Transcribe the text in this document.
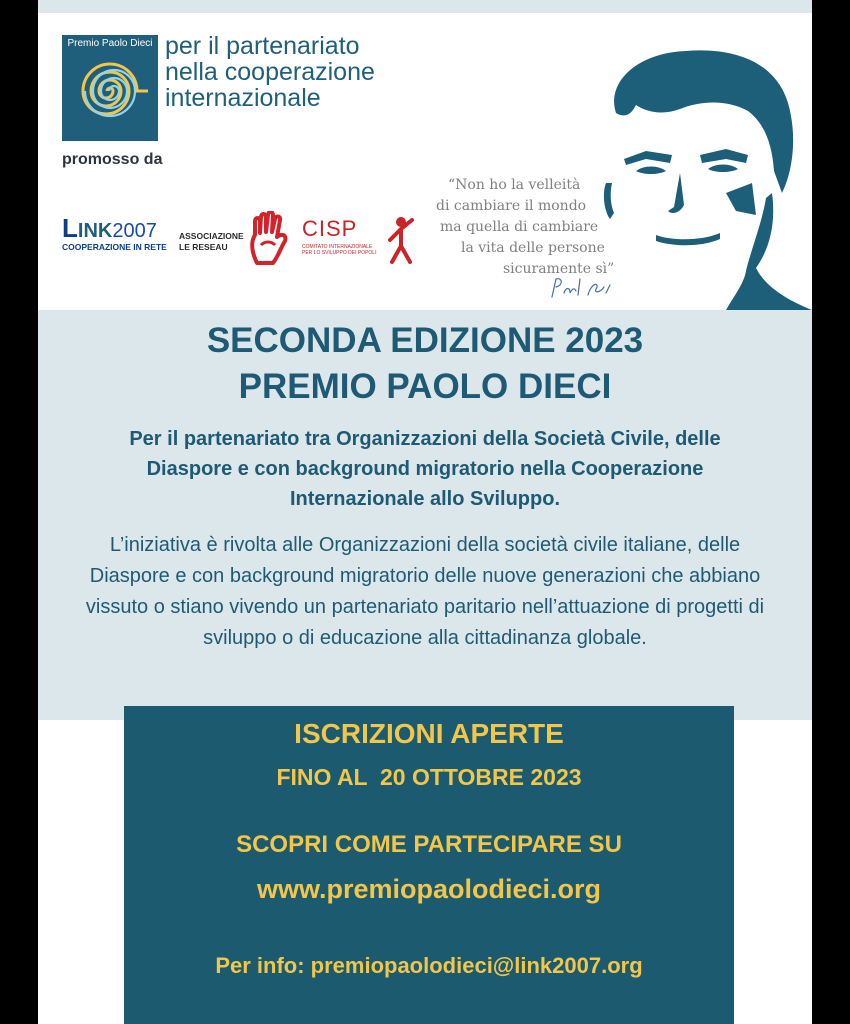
Premio Paolo Dieci per il partenariato
nella cooperazione
internazionale
promosso da
LINK2007
COOPERAZIONE IN RETE
ASSOCIAZIONE
LE RESEAU
CISP
COMITATO INTERNAZIONALE
PER LO SVILUPPO DEI POPOLI
“Non ho la velleità
di cambiare il mondo
ma quella di cambiare
la vita delle persone
sicuramente sì”
SECONDA EDIZIONE 2023
PREMIO PAOLO DIECI
Per il partenariato tra Organizzazioni della Società Civile, delle Diaspore e con background migratorio nella Cooperazione Internazionale allo Sviluppo.
L’iniziativa è rivolta alle Organizzazioni della società civile italiane, delle Diaspore e con background migratorio delle nuove generazioni che abbiano vissuto o stiano vivendo un partenariato paritario nell’attuazione di progetti di sviluppo o di educazione alla cittadinanza globale.
ISCRIZIONI APERTE
FINO AL  20 OTTOBRE 2023
SCOPRI COME PARTECIPARE SU
www.premiopaolodieci.org
Per info: premiopaolodieci@link2007.org
